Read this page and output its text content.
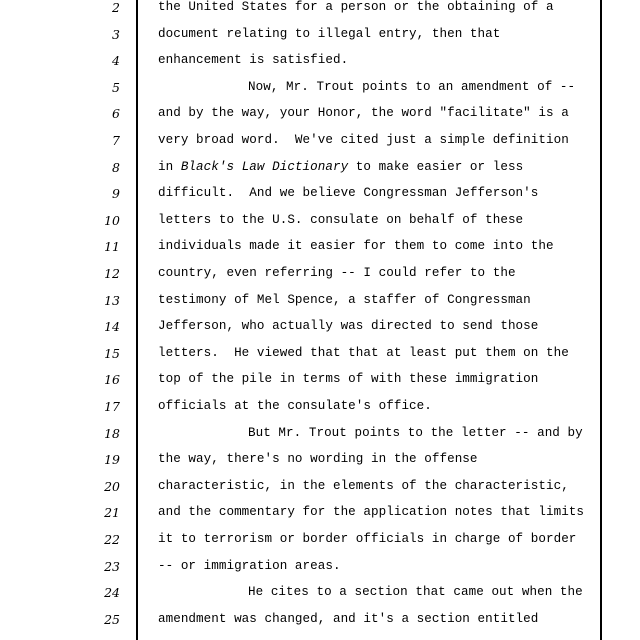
2	the United States for a person or the obtaining of a
3	document relating to illegal entry, then that
4	enhancement is satisfied.
5	Now, Mr. Trout points to an amendment of --
6	and by the way, your Honor, the word "facilitate" is a
7	very broad word.  We've cited just a simple definition
8	in Black's Law Dictionary to make easier or less
9	difficult.  And we believe Congressman Jefferson's
10	letters to the U.S. consulate on behalf of these
11	individuals made it easier for them to come into the
12	country, even referring -- I could refer to the
13	testimony of Mel Spence, a staffer of Congressman
14	Jefferson, who actually was directed to send those
15	letters.  He viewed that that at least put them on the
16	top of the pile in terms of with these immigration
17	officials at the consulate's office.
18	But Mr. Trout points to the letter -- and by
19	the way, there's no wording in the offense
20	characteristic, in the elements of the characteristic,
21	and the commentary for the application notes that limits
22	it to terrorism or border officials in charge of border
23	-- or immigration areas.
24	He cites to a section that came out when the
25	amendment was changed, and it's a section entitled
